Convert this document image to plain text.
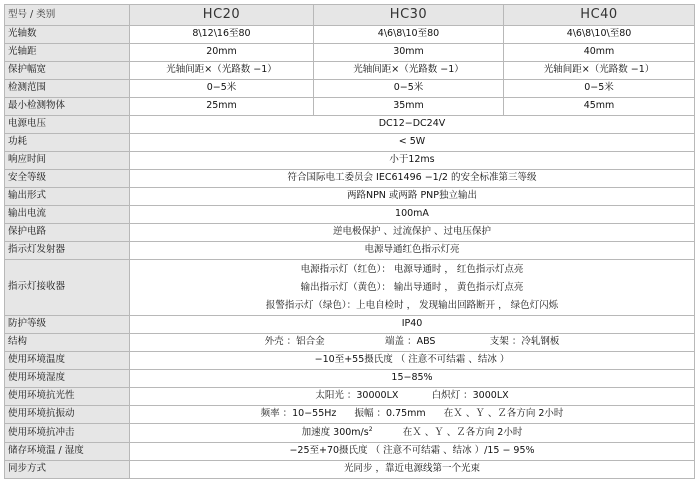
型号 / 类别	HC20	HC30	HC40
光轴数	8\12\16至80	4\6\8\10至80	4\6\8\10\至80
光轴距	20mm	30mm	40mm
保护幅宽	光轴间距×（光路数 −1）	光轴间距×（光路数 −1）	光轴间距×（光路数 −1）
检测范围	0−5米	0−5米	0−5米
最小检测物体	25mm	35mm	45mm
电源电压	DC12−DC24V		
功耗	< 5W		
响应时间	小于12ms		
安全等级	符合国际电工委员会 IEC61496 −1/2 的安全标准第三等级		
输出形式	两路NPN 或两路 PNP独立输出		
输出电流	100mA		
保护电路	逆电极保护 、过流保护 、过电压保护		
指示灯发射器	电源导通红色指示灯亮		
指示灯接收器	电源指示灯（红色）： 电源导通时 ， 红色指示灯点亮
输出指示灯（黄色）： 输出导通时 ， 黄色指示灯点亮
报警指示灯（绿色）：上电自检时 ， 发现输出回路断开 ， 绿色灯闪烁		

防护等级	IP40		
结构	外壳 ：铝合金                    端盖 ：ABS                  支架 ：冷轧钢板		
使用环境温度	−10至+55摄氏度 （ 注意不可结霜 、结冰 ）		
使用环境湿度	15−85%		
使用环境抗光性	太阳光 ：30000LX           白炽灯 ：3000LX		
使用环境抗振动	频率 ：10−55Hz      振幅 ：0.75mm      在Ｘ 、Ｙ 、Ｚ各方向 2小时		
使用环境抗冲击	加速度 $300m/s^2$          在Ｘ 、Ｙ 、Ｚ各方向 2小时		
储存环境温 / 湿度	−25至+70摄氏度 （ 注意不可结霜 、结冰 ）/15 − 95%		
同步方式	光同步 ，靠近电源线第一个光束		
